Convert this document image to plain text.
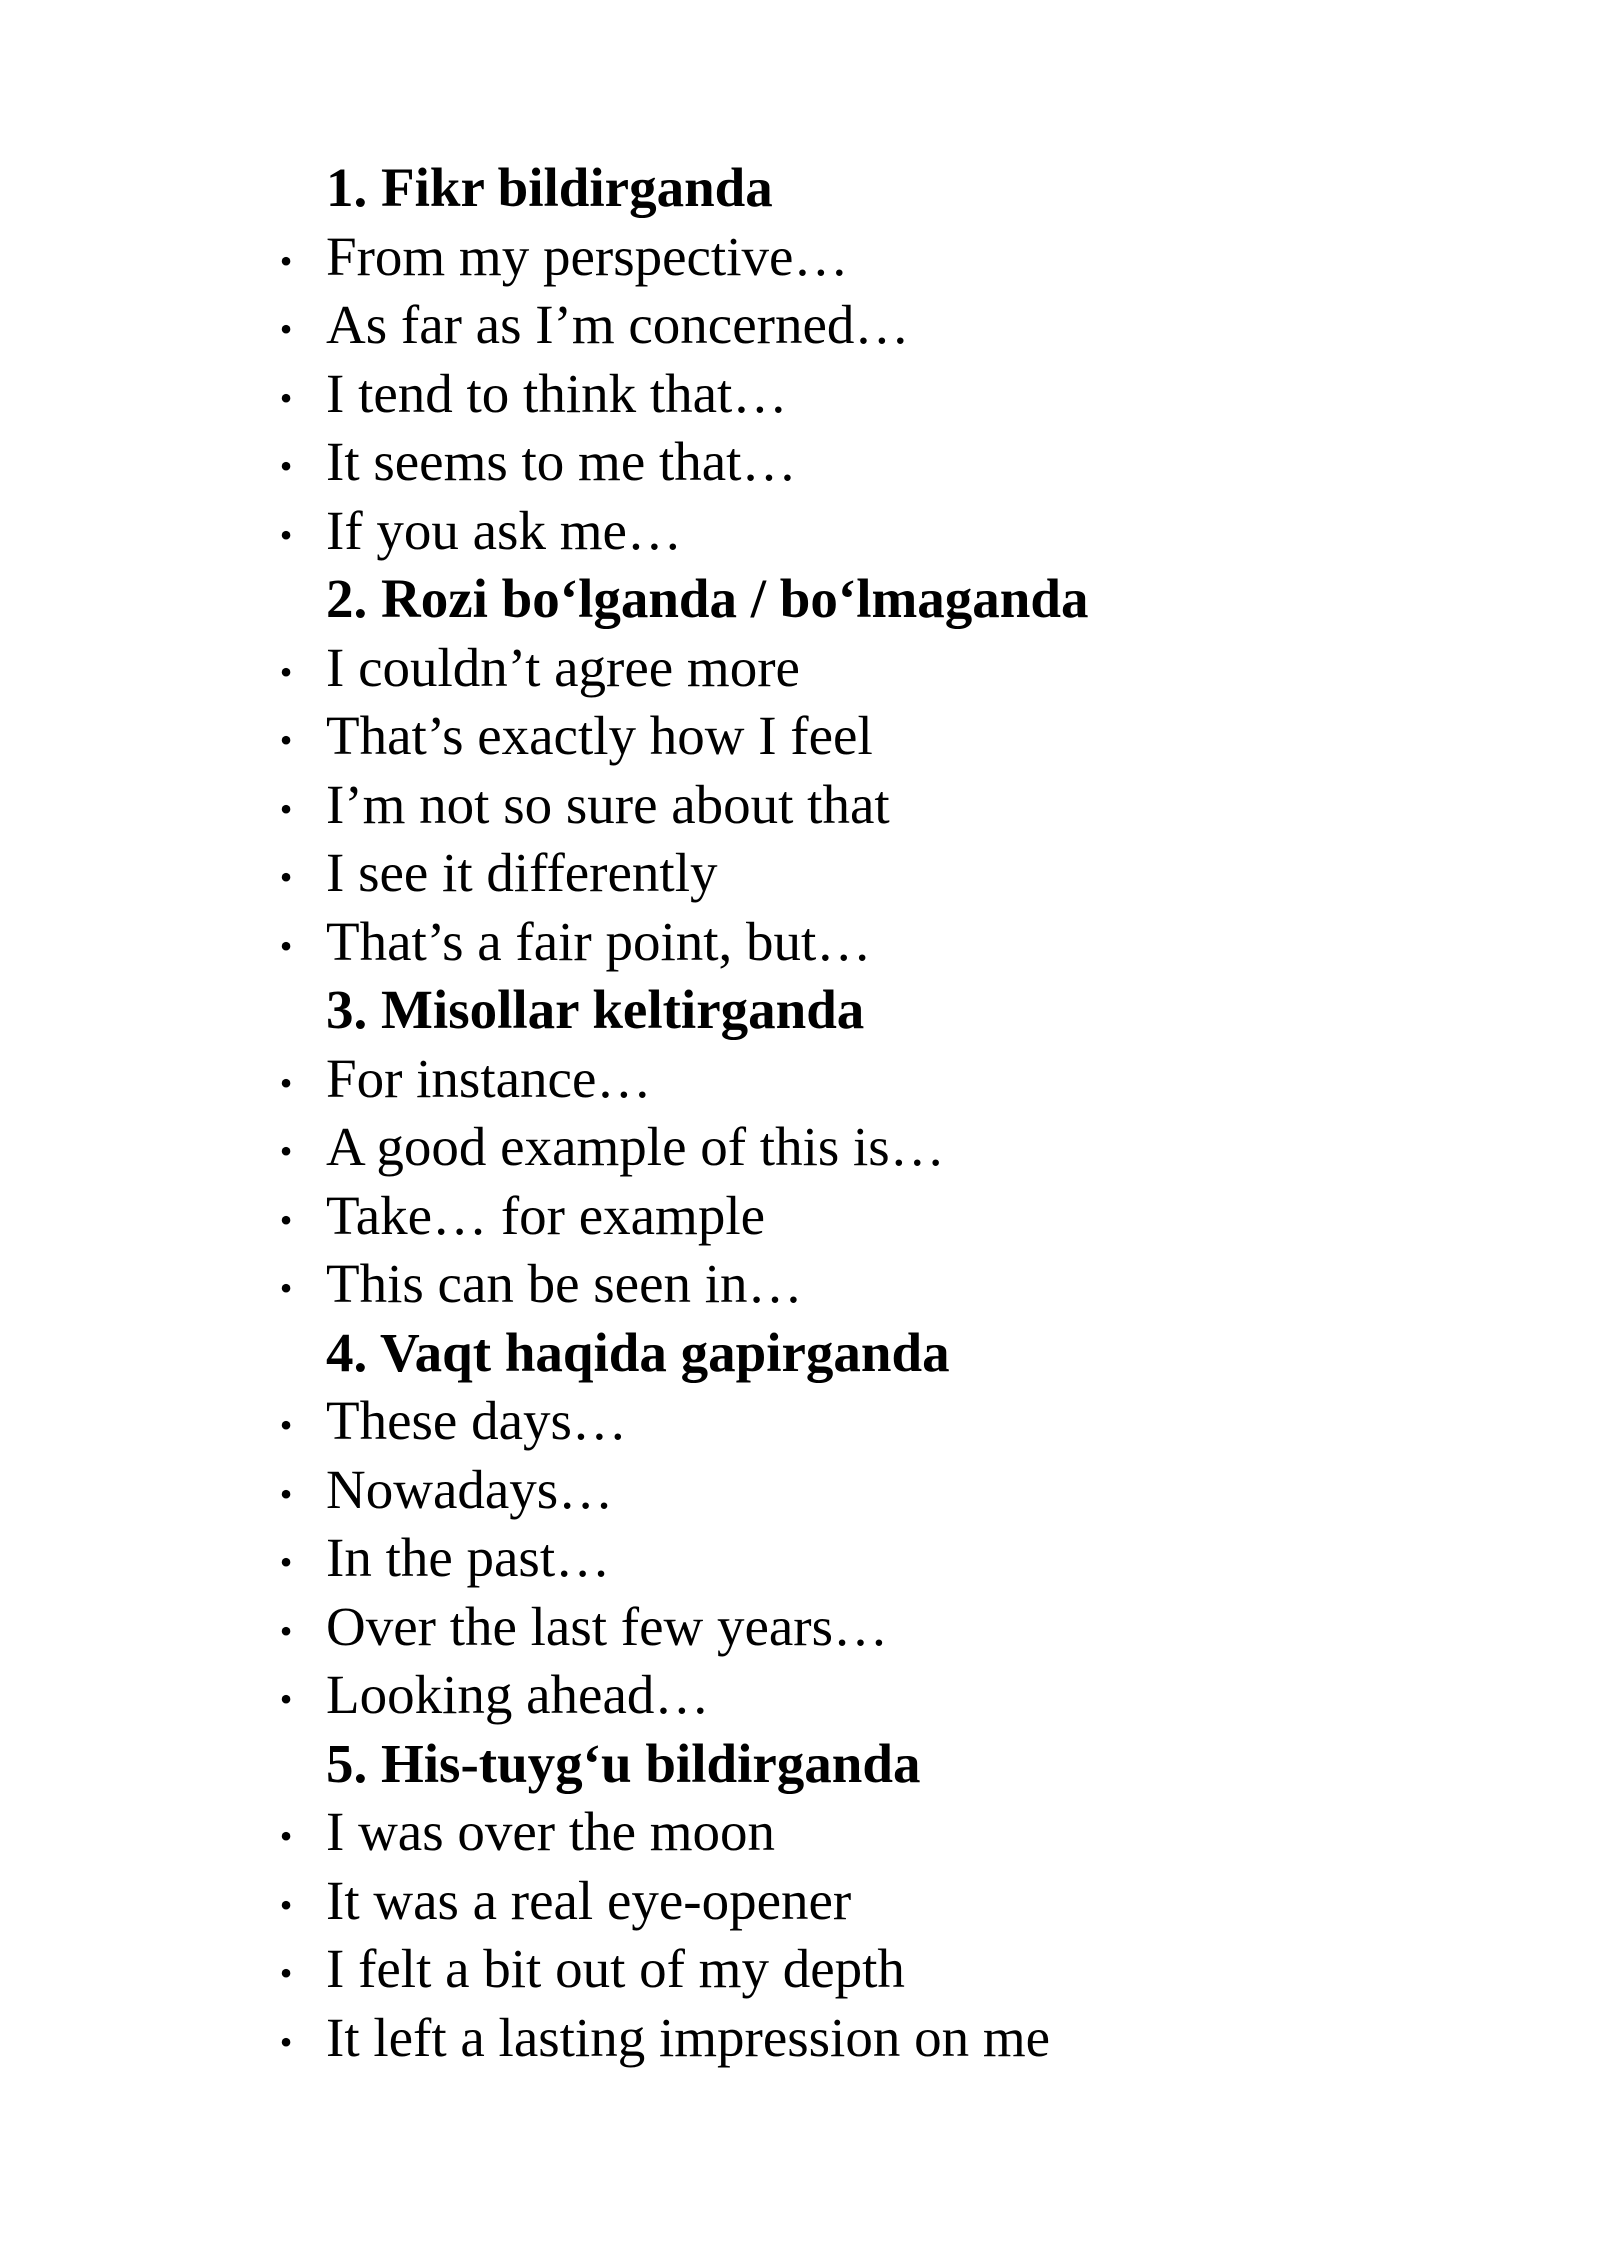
1. Fikr bildirganda
• From my perspective…
• As far as I’m concerned…
• I tend to think that…
• It seems to me that…
• If you ask me…
2. Rozi bo‘lganda / bo‘lmaganda
• I couldn’t agree more
• That’s exactly how I feel
• I’m not so sure about that
• I see it differently
• That’s a fair point, but…
3. Misollar keltirganda
• For instance…
• A good example of this is…
• Take… for example
• This can be seen in…
4. Vaqt haqida gapirganda
• These days…
• Nowadays…
• In the past…
• Over the last few years…
• Looking ahead…
5. His-tuyg‘u bildirganda
• I was over the moon
• It was a real eye-opener
• I felt a bit out of my depth
• It left a lasting impression on me
